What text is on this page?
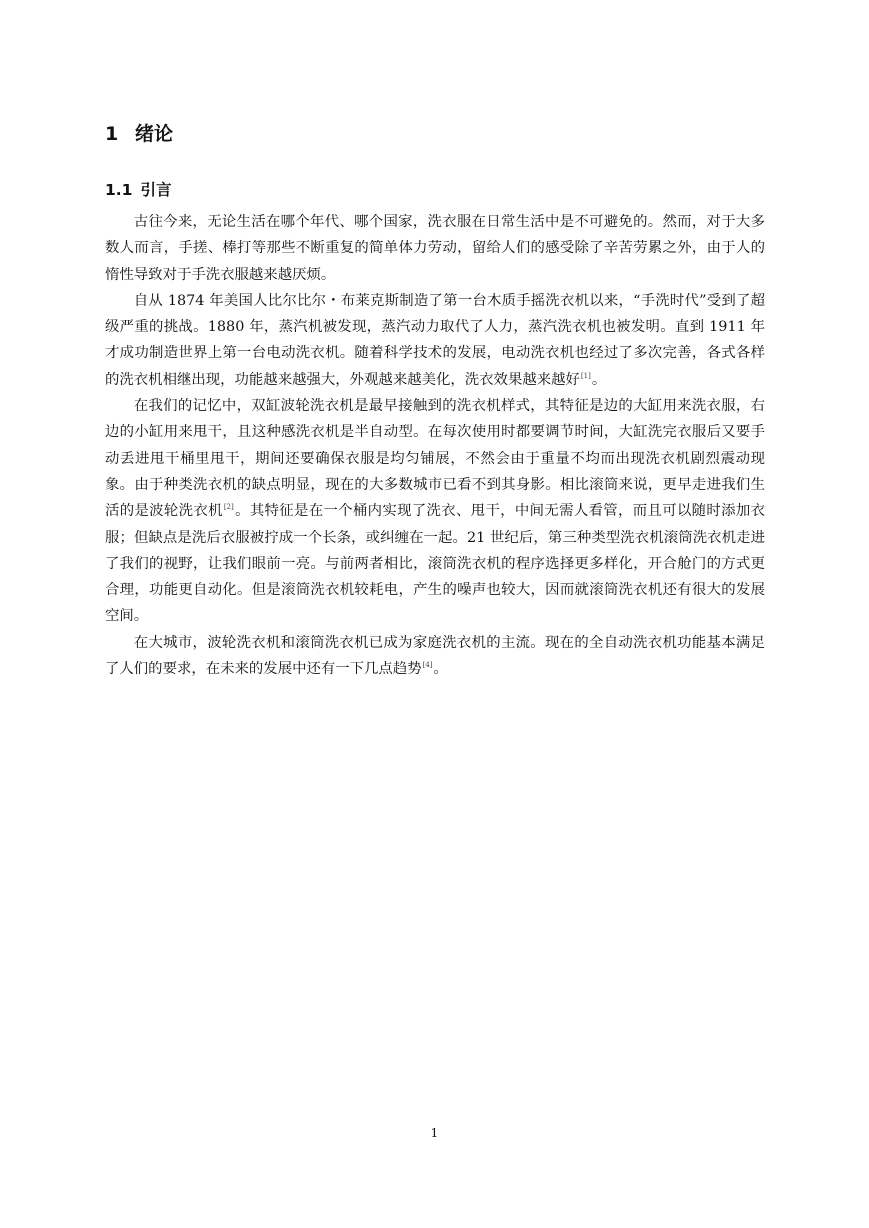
1 绪论
1.1 引言

古往今来，无论生活在哪个年代、哪个国家，洗衣服在日常生活中是不可避免的。然而，对于大多数人而言，手搓、棒打等那些不断重复的简单体力劳动，留给人们的感受除了辛苦劳累之外，由于人的惰性导致对于手洗衣服越来越厌烦。

自从 1874 年美国人比尔比尔・布莱克斯制造了第一台木质手摇洗衣机以来，“手洗时代”受到了超级严重的挑战。1880 年，蒸汽机被发现，蒸汽动力取代了人力，蒸汽洗衣机也被发明。直到 1911 年才成功制造世界上第一台电动洗衣机。随着科学技术的发展，电动洗衣机也经过了多次完善，各式各样的洗衣机相继出现，功能越来越强大，外观越来越美化，洗衣效果越来越好[1]。

在我们的记忆中，双缸波轮洗衣机是最早接触到的洗衣机样式，其特征是边的大缸用来洗衣服，右边的小缸用来甩干，且这种感洗衣机是半自动型。在每次使用时都要调节时间，大缸洗完衣服后又要手动丢进甩干桶里甩干，期间还要确保衣服是均匀铺展，不然会由于重量不均而出现洗衣机剧烈震动现象。由于种类洗衣机的缺点明显，现在的大多数城市已看不到其身影。相比滚筒来说，更早走进我们生活的是波轮洗衣机[2]。其特征是在一个桶内实现了洗衣、甩干，中间无需人看管，而且可以随时添加衣服；但缺点是洗后衣服被拧成一个长条，或纠缠在一起。21 世纪后，第三种类型洗衣机滚筒洗衣机走进了我们的视野，让我们眼前一亮。与前两者相比，滚筒洗衣机的程序选择更多样化，开合舱门的方式更合理，功能更自动化。但是滚筒洗衣机较耗电，产生的噪声也较大，因而就滚筒洗衣机还有很大的发展空间。

在大城市，波轮洗衣机和滚筒洗衣机已成为家庭洗衣机的主流。现在的全自动洗衣机功能基本满足了人们的要求，在未来的发展中还有一下几点趋势[4]。

1
